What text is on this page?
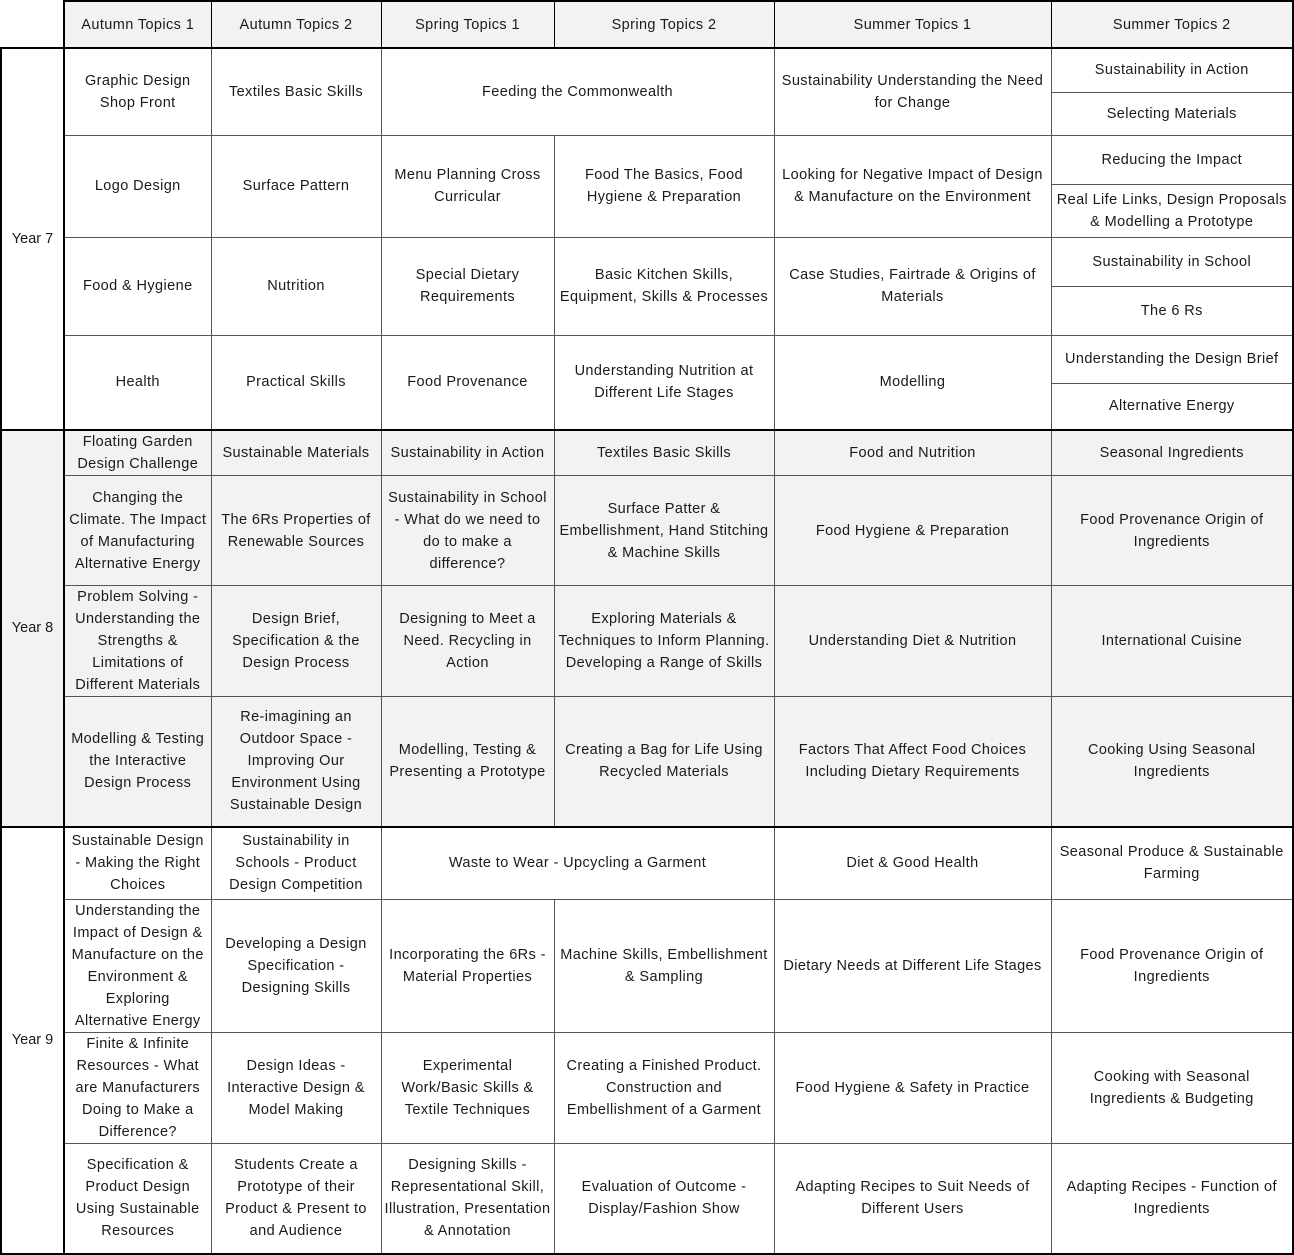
	Autumn Topics 1	Autumn Topics 2	Spring Topics 1	Spring Topics 2	Summer Topics 1	Summer Topics 2
Year 7	Graphic Design Shop Front	Textiles Basic Skills	Feeding the Commonwealth		Sustainability Understanding the Need for Change	Sustainability in Action
						Selecting Materials
	Logo Design	Surface Pattern	Menu Planning Cross Curricular	Food The Basics, Food Hygiene & Preparation	Looking for Negative Impact of Design & Manufacture on the Environment	Reducing the Impact
						Real Life Links, Design Proposals & Modelling a Prototype
	Food & Hygiene	Nutrition	Special Dietary Requirements	Basic Kitchen Skills, Equipment, Skills & Processes	Case Studies, Fairtrade & Origins of Materials	Sustainability in School
						The 6 Rs
	Health	Practical Skills	Food Provenance	Understanding Nutrition at Different Life Stages	Modelling	Understanding the Design Brief
						Alternative Energy
Year 8	Floating Garden Design Challenge	Sustainable Materials	Sustainability in Action	Textiles Basic Skills	Food and Nutrition	Seasonal Ingredients
	Changing the Climate. The Impact of Manufacturing Alternative Energy	The 6Rs Properties of Renewable Sources	Sustainability in School - What do we need to do to make a difference?	Surface Patter & Embellishment, Hand Stitching & Machine Skills	Food Hygiene & Preparation	Food Provenance Origin of Ingredients
	Problem Solving - Understanding the Strengths & Limitations of Different Materials	Design Brief, Specification & the Design Process	Designing to Meet a Need. Recycling in Action	Exploring Materials & Techniques to Inform Planning. Developing a Range of Skills	Understanding Diet & Nutrition	International Cuisine
	Modelling & Testing the Interactive Design Process	Re-imagining an Outdoor Space - Improving Our Environment Using Sustainable Design	Modelling, Testing & Presenting a Prototype	Creating a Bag for Life Using Recycled Materials	Factors That Affect Food Choices Including Dietary Requirements	Cooking Using Seasonal Ingredients
Year 9	Sustainable Design - Making the Right Choices	Sustainability in Schools - Product Design Competition	Waste to Wear - Upcycling a Garment		Diet & Good Health	Seasonal Produce & Sustainable Farming
	Understanding the Impact of Design & Manufacture on the Environment & Exploring Alternative Energy	Developing a Design Specification - Designing Skills	Incorporating the 6Rs - Material Properties	Machine Skills, Embellishment & Sampling	Dietary Needs at Different Life Stages	Food Provenance Origin of Ingredients
	Finite & Infinite Resources - What are Manufacturers Doing to Make a Difference?	Design Ideas - Interactive Design & Model Making	Experimental Work/Basic Skills & Textile Techniques	Creating a Finished Product. Construction and Embellishment of a Garment	Food Hygiene & Safety in Practice	Cooking with Seasonal Ingredients & Budgeting
	Specification & Product Design Using Sustainable Resources	Students Create a Prototype of their Product & Present to and Audience	Designing Skills - Representational Skill, Illustration, Presentation & Annotation	Evaluation of Outcome - Display/Fashion Show	Adapting Recipes to Suit Needs of Different Users	Adapting Recipes - Function of Ingredients
